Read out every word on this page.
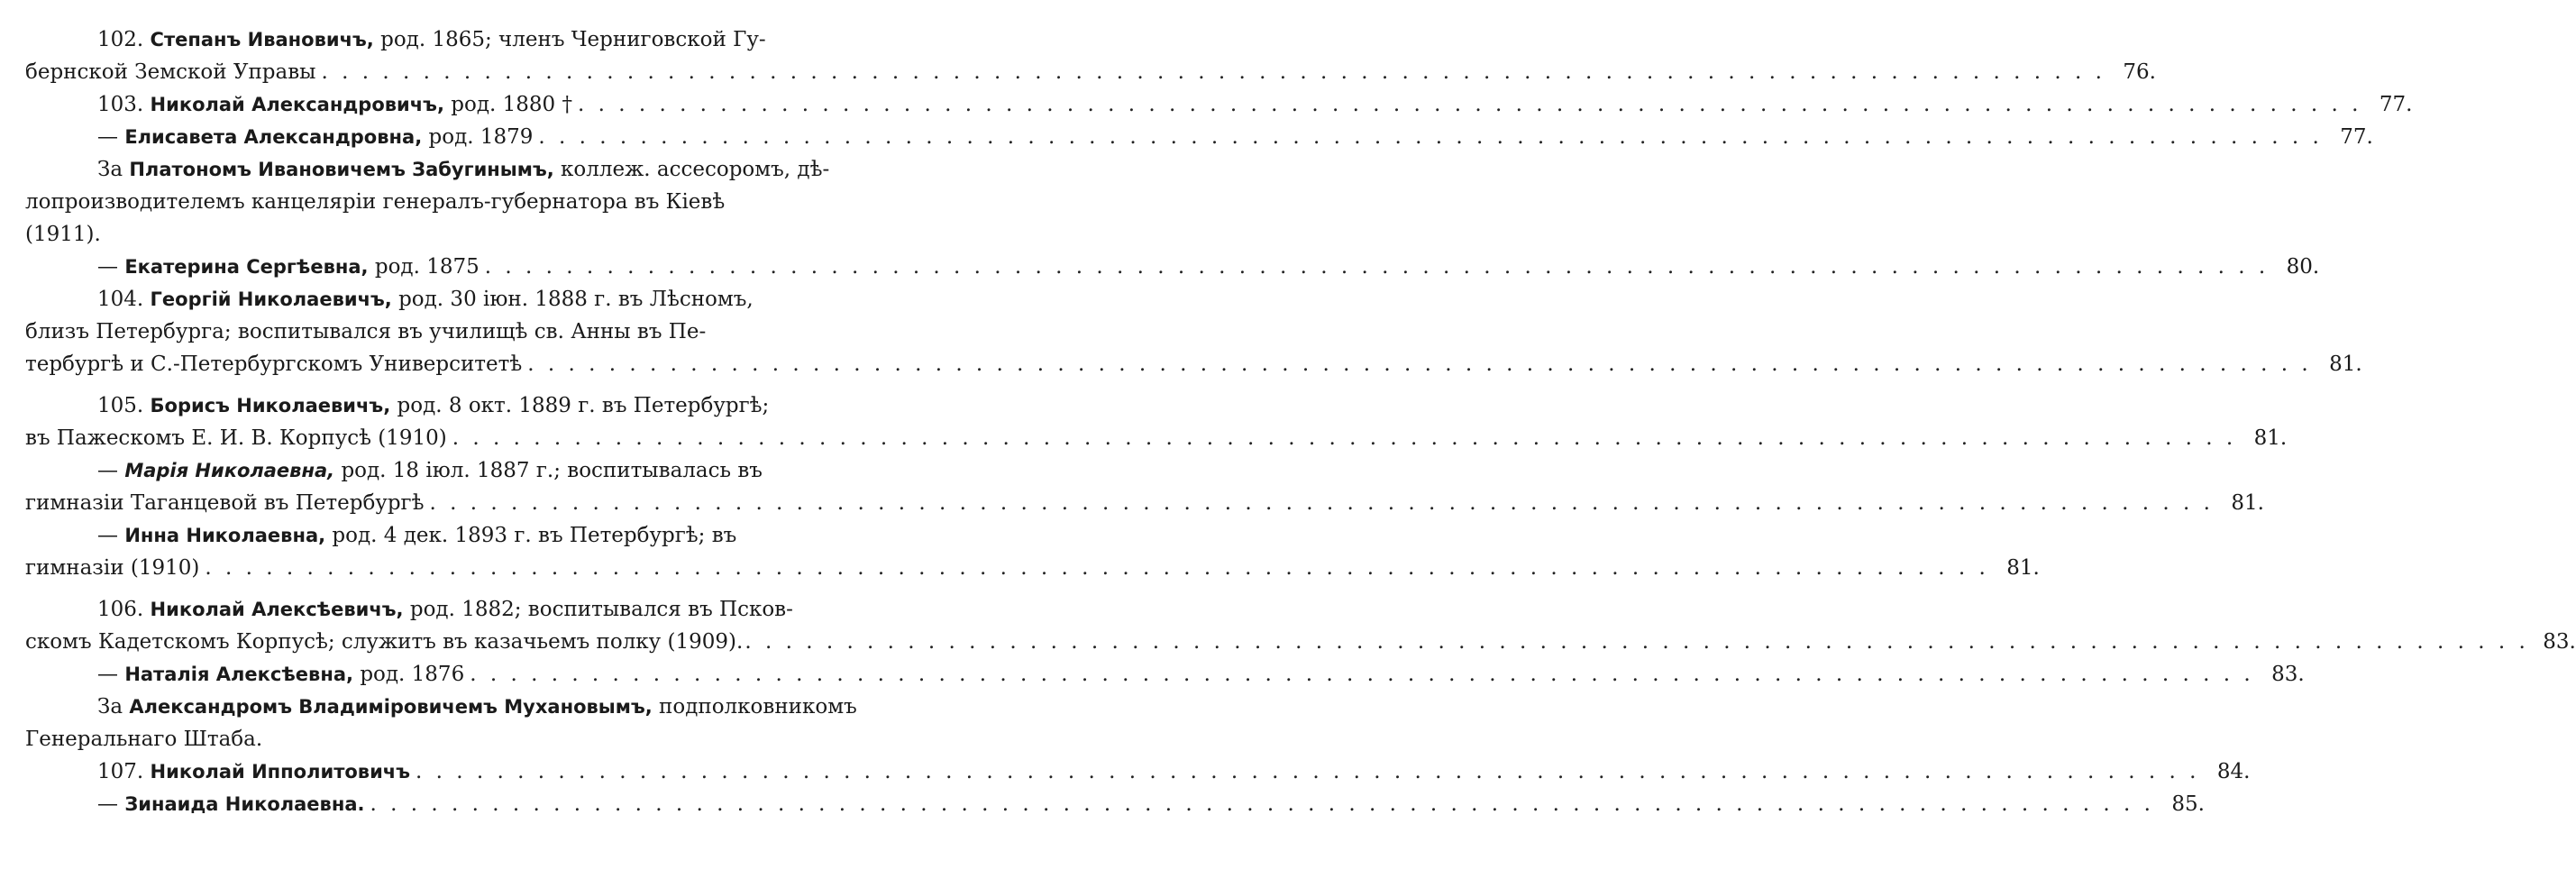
102. Степанъ Ивановичъ, род. 1865; членъ Черниговской Гу-
бернской Земской Управы . . .	76.
103. Николай Александровичъ, род. 1880 † . . .	77.
— Елисавета Александровна, род. 1879 . . .	77.
За Платономъ Ивановичемъ Забугинымъ, коллеж. ассесоромъ, дѣ-
лопроизводителемъ канцеляріи генералъ-губернатора въ Кіевѣ
(1911).
— Екатерина Сергѣевна, род. 1875 . . .	80.
104. Георгій Николаевичъ, род. 30 іюн. 1888 г. въ Лѣсномъ,
близъ Петербурга; воспитывался въ училищѣ св. Анны въ Пе-
тербургѣ и С.-Петербургскомъ Университетѣ . . .	81.
105. Борисъ Николаевичъ, род. 8 окт. 1889 г. въ Петербургѣ;
въ Пажескомъ Е. И. В. Корпусѣ (1910) . . .	81.
— Марія Николаевна, род. 18 іюл. 1887 г.; воспитывалась въ
гимназіи Таганцевой въ Петербургѣ . . .	81.
— Инна Николаевна, род. 4 дек. 1893 г. въ Петербургѣ; въ
гимназіи (1910) . . .	81.
106. Николай Алексѣевичъ, род. 1882; воспитывался въ Псков-
скомъ Кадетскомъ Корпусѣ; служитъ въ казачьемъ полку (1909). . . .	83.
— Наталія Алексѣевна, род. 1876 . . .	83.
За Александромъ Владиміровичемъ Мухановымъ, подполковникомъ
Генеральнаго Штаба.
107. Николай Ипполитовичъ . . .	84.
— Зинаида Николаевна. . . .	85.
